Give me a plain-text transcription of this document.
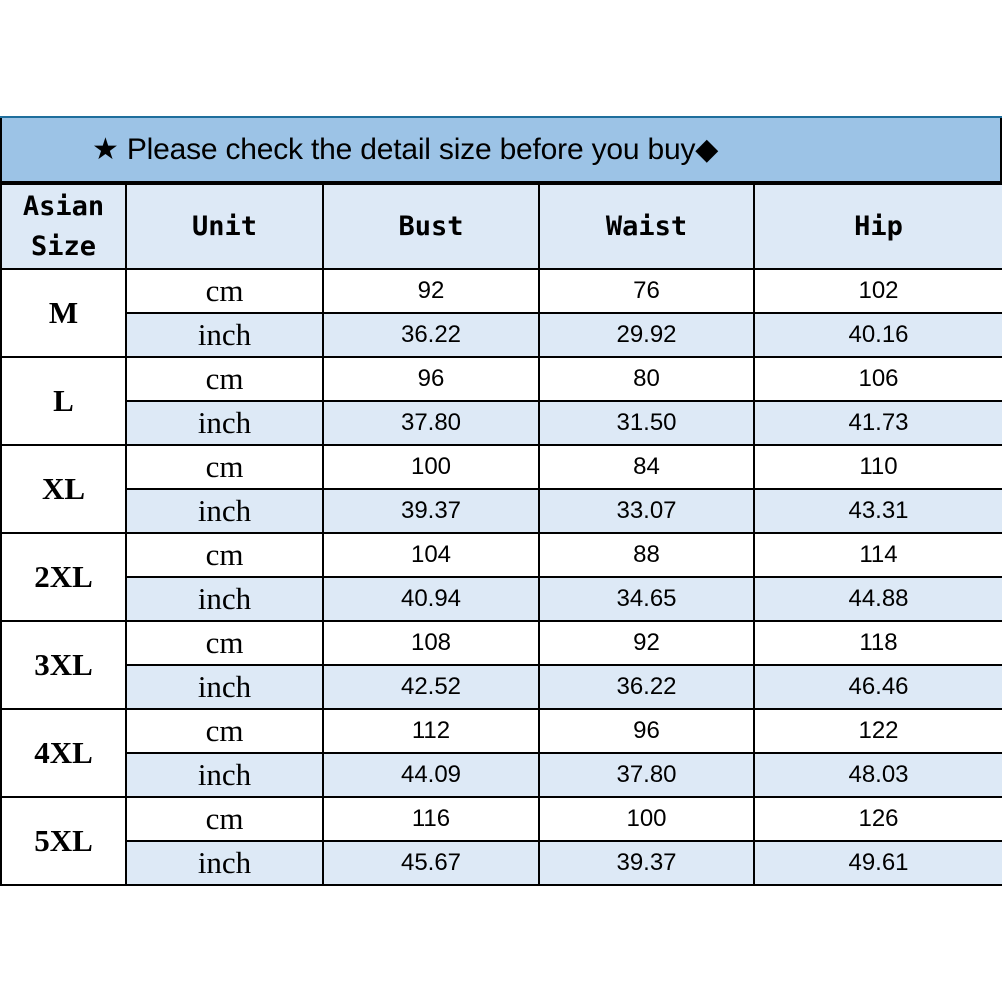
★ Please check the detail size before you buy◆
Asian Size	Unit	Bust	Waist	Hip
M	cm	92	76	102
	inch	36.22	29.92	40.16
L	cm	96	80	106
	inch	37.80	31.50	41.73
XL	cm	100	84	110
	inch	39.37	33.07	43.31
2XL	cm	104	88	114
	inch	40.94	34.65	44.88
3XL	cm	108	92	118
	inch	42.52	36.22	46.46
4XL	cm	112	96	122
	inch	44.09	37.80	48.03
5XL	cm	116	100	126
	inch	45.67	39.37	49.61
